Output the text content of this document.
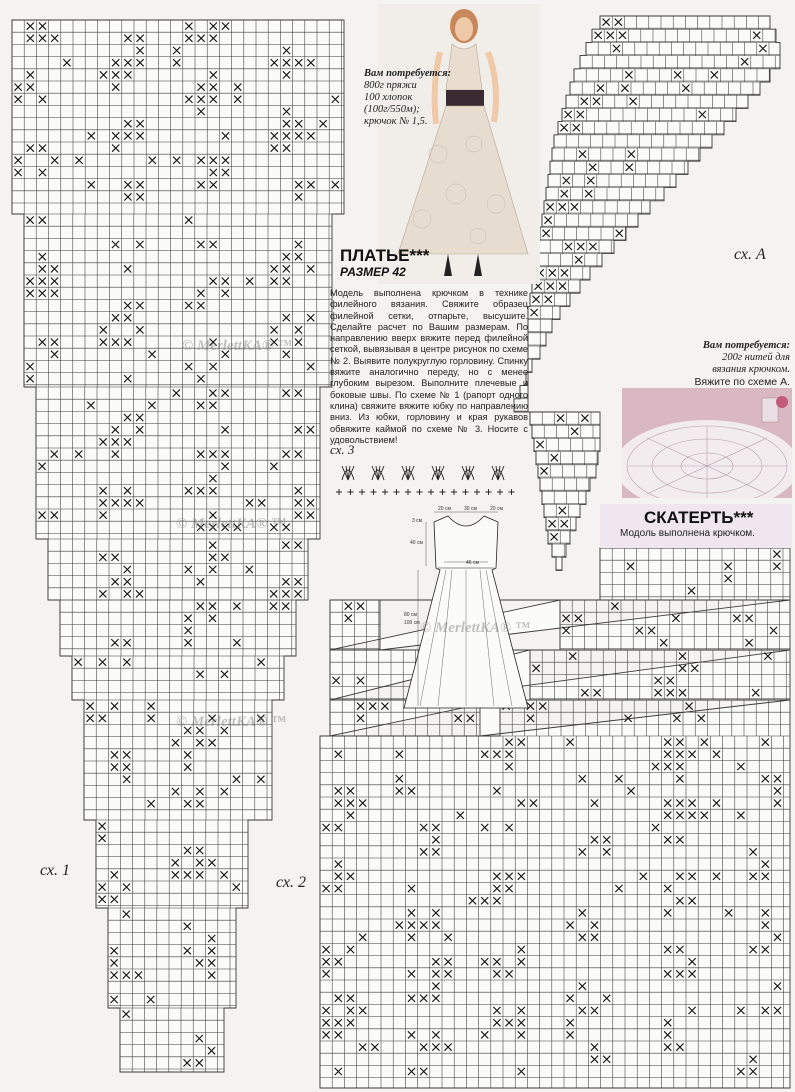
20 см	30 см	20 см
3 см
40 см
46 см
80 см
100 см
Вам потребуется:
800г пряжи
100 хлопок
(100г/550м);
крючок № 1,5.
ПЛАТЬЕ***
РАЗМЕР 42
Модель выполнена крючком в технике филейного вязания. Свяжите образец филейной сетки, отпарьте, высушите. Сделайте расчет по Вашим размерам. По направлению вверх вяжите перед филейной сеткой, вывязывая в центре рисунок по схеме № 2. Выявите полукруглую горловину. Спинку вяжите аналогично переду, но с менее глубоким вырезом. Выполните плечевые и боковые швы. По схеме № 1 (рапорт одного клина) свяжите вяжите юбку по направлению вниз. Из юбки, горловину и края рукавов обвяжите каймой по схеме № 3. Носите с удовольствием!
Вам потребуется:
200г нитей для
вязания крючком.
Вяжите по схеме А.
СКАТЕРТЬ***
Модоль выполнена крючком.
сх. 1
сх. 2
сх. 3
сх. А
© MerlettKA® ™
© MerlettKA® ™
© MerlettKA® ™
© MerlettKA® ™
